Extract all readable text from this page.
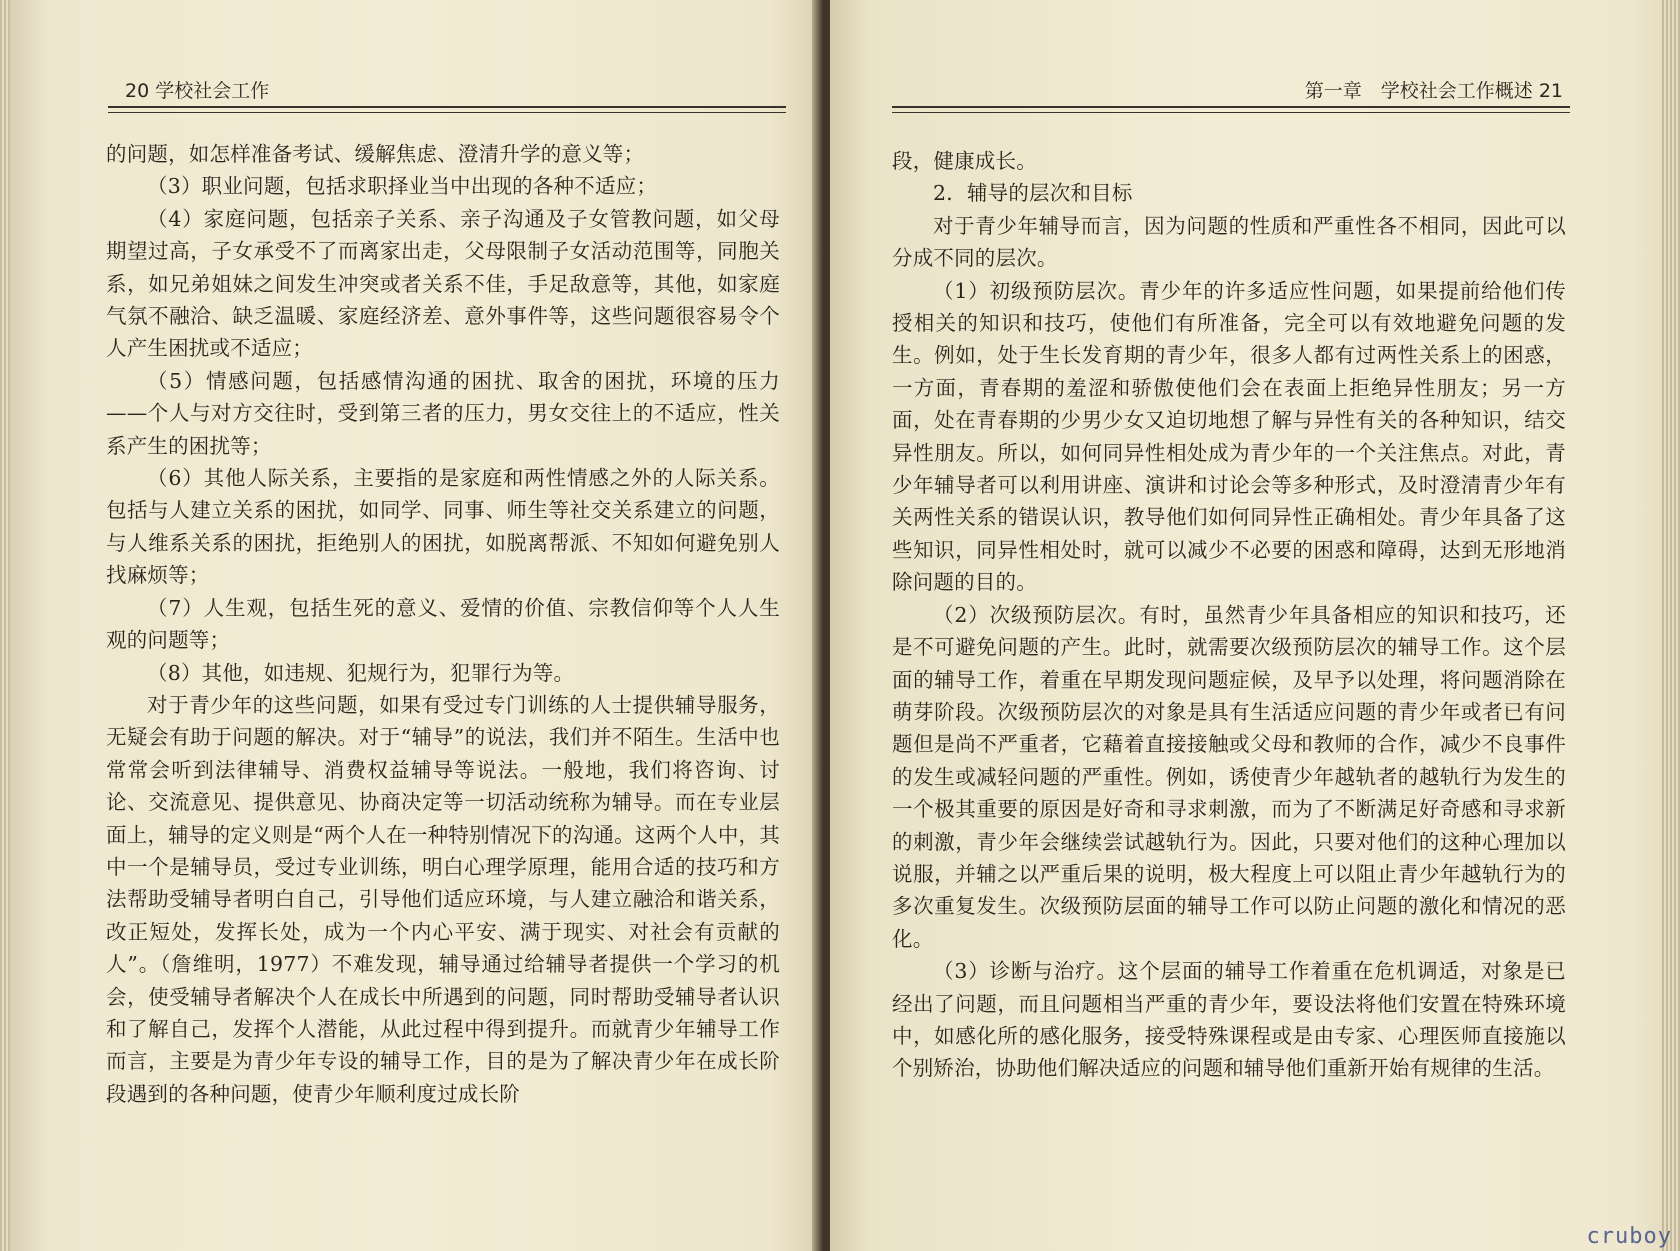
20 学校社会工作

的问题，如怎样准备考试、缓解焦虑、澄清升学的意义等；

（3）职业问题，包括求职择业当中出现的各种不适应；

（4）家庭问题，包括亲子关系、亲子沟通及子女管教问题，如父母期望过高，子女承受不了而离家出走，父母限制子女活动范围等，同胞关系，如兄弟姐妹之间发生冲突或者关系不佳，手足敌意等，其他，如家庭气氛不融洽、缺乏温暖、家庭经济差、意外事件等，这些问题很容易令个人产生困扰或不适应；

（5）情感问题，包括感情沟通的困扰、取舍的困扰，环境的压力——个人与对方交往时，受到第三者的压力，男女交往上的不适应，性关系产生的困扰等；

（6）其他人际关系，主要指的是家庭和两性情感之外的人际关系。包括与人建立关系的困扰，如同学、同事、师生等社交关系建立的问题，与人维系关系的困扰，拒绝别人的困扰，如脱离帮派、不知如何避免别人找麻烦等；

（7）人生观，包括生死的意义、爱情的价值、宗教信仰等个人人生观的问题等；

（8）其他，如违规、犯规行为，犯罪行为等。

对于青少年的这些问题，如果有受过专门训练的人士提供辅导服务，无疑会有助于问题的解决。对于“辅导”的说法，我们并不陌生。生活中也常常会听到法律辅导、消费权益辅导等说法。一般地，我们将咨询、讨论、交流意见、提供意见、协商决定等一切活动统称为辅导。而在专业层面上，辅导的定义则是“两个人在一种特别情况下的沟通。这两个人中，其中一个是辅导员，受过专业训练，明白心理学原理，能用合适的技巧和方法帮助受辅导者明白自己，引导他们适应环境，与人建立融洽和谐关系，改正短处，发挥长处，成为一个内心平安、满于现实、对社会有贡献的人”。（詹维明，1977）不难发现，辅导通过给辅导者提供一个学习的机会，使受辅导者解决个人在成长中所遇到的问题，同时帮助受辅导者认识和了解自己，发挥个人潜能，从此过程中得到提升。而就青少年辅导工作而言，主要是为青少年专设的辅导工作，目的是为了解决青少年在成长阶段遇到的各种问题，使青少年顺利度过成长阶

第一章　学校社会工作概述 21

段，健康成长。

2．辅导的层次和目标

对于青少年辅导而言，因为问题的性质和严重性各不相同，因此可以分成不同的层次。

（1）初级预防层次。青少年的许多适应性问题，如果提前给他们传授相关的知识和技巧，使他们有所准备，完全可以有效地避免问题的发生。例如，处于生长发育期的青少年，很多人都有过两性关系上的困惑，一方面，青春期的羞涩和骄傲使他们会在表面上拒绝异性朋友；另一方面，处在青春期的少男少女又迫切地想了解与异性有关的各种知识，结交异性朋友。所以，如何同异性相处成为青少年的一个关注焦点。对此，青少年辅导者可以利用讲座、演讲和讨论会等多种形式，及时澄清青少年有关两性关系的错误认识，教导他们如何同异性正确相处。青少年具备了这些知识，同异性相处时，就可以减少不必要的困惑和障碍，达到无形地消除问题的目的。

（2）次级预防层次。有时，虽然青少年具备相应的知识和技巧，还是不可避免问题的产生。此时，就需要次级预防层次的辅导工作。这个层面的辅导工作，着重在早期发现问题症候，及早予以处理，将问题消除在萌芽阶段。次级预防层次的对象是具有生活适应问题的青少年或者已有问题但是尚不严重者，它藉着直接接触或父母和教师的合作，减少不良事件的发生或减轻问题的严重性。例如，诱使青少年越轨者的越轨行为发生的一个极其重要的原因是好奇和寻求刺激，而为了不断满足好奇感和寻求新的刺激，青少年会继续尝试越轨行为。因此，只要对他们的这种心理加以说服，并辅之以严重后果的说明，极大程度上可以阻止青少年越轨行为的多次重复发生。次级预防层面的辅导工作可以防止问题的激化和情况的恶化。

（3）诊断与治疗。这个层面的辅导工作着重在危机调适，对象是已经出了问题，而且问题相当严重的青少年，要设法将他们安置在特殊环境中，如感化所的感化服务，接受特殊课程或是由专家、心理医师直接施以个别矫治，协助他们解决适应的问题和辅导他们重新开始有规律的生活。

cruboy
